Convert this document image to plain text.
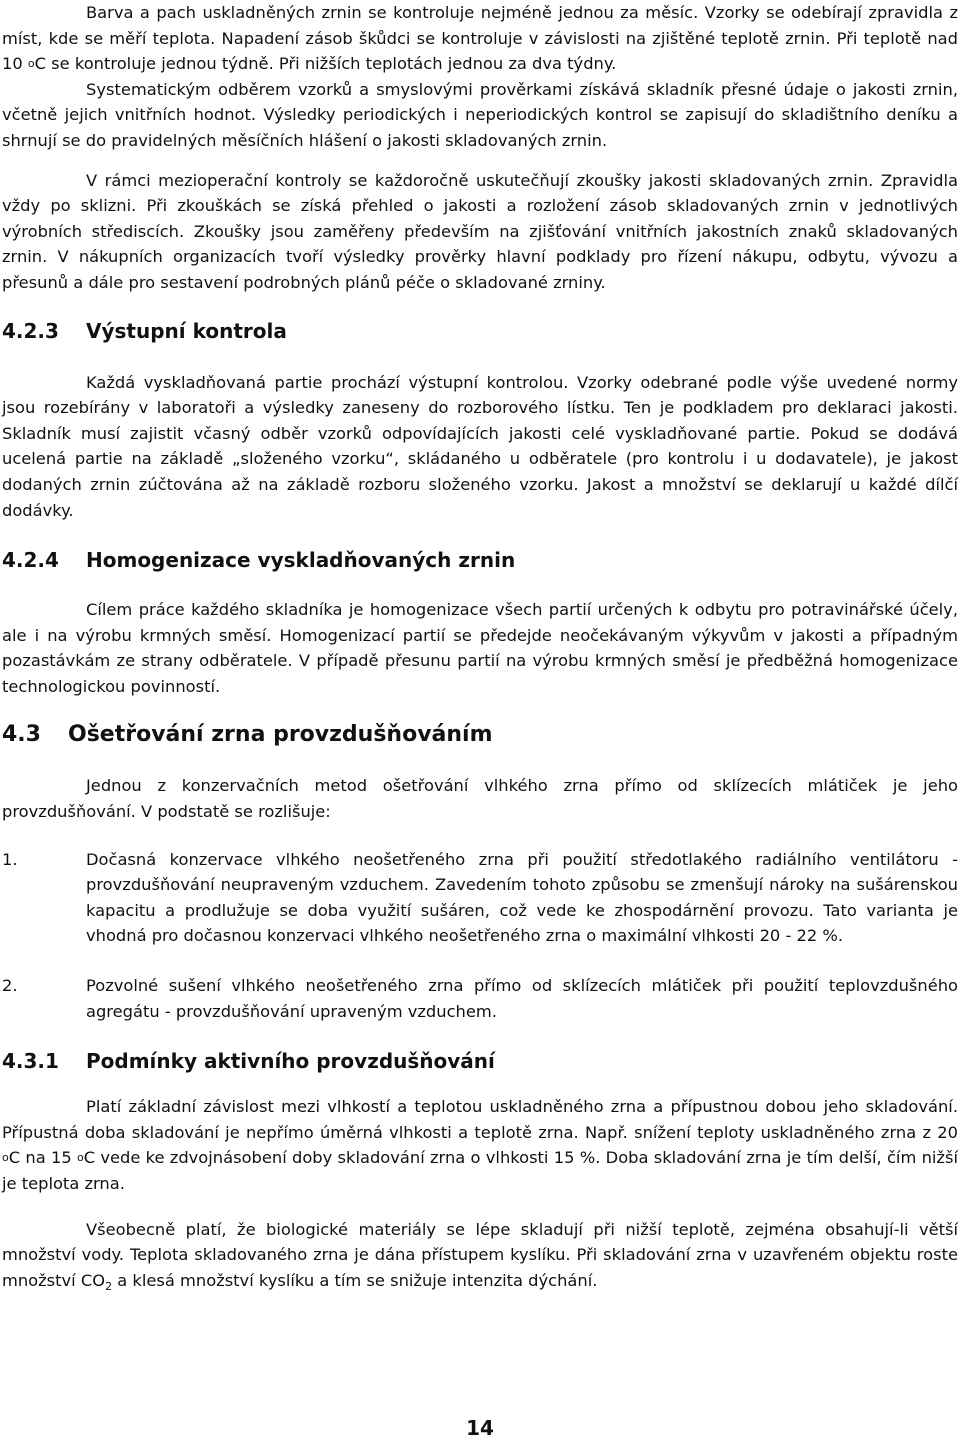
Barva a pach uskladněných zrnin se kontroluje nejméně jednou za měsíc. Vzorky se odebírají zpravidla z míst, kde se měří teplota. Napadení zásob škůdci se kontroluje v závislosti na zjištěné teplotě zrnin. Při teplotě nad 10 $^o$C se kontroluje jednou týdně. Při nižších teplotách jednou za dva týdny.

Systematickým odběrem vzorků a smyslovými prověrkami získává skladník přesné údaje o jakosti zrnin, včetně jejich vnitřních hodnot. Výsledky periodických i neperiodických kontrol se zapisují do skladištního deníku a shrnují se do pravidelných měsíčních hlášení o jakosti skladovaných zrnin.

V rámci mezioperační kontroly se každoročně uskutečňují zkoušky jakosti skladovaných zrnin. Zpravidla vždy po sklizni. Při zkouškách se získá přehled o jakosti a rozložení zásob skladovaných zrnin v jednotlivých výrobních střediscích. Zkoušky jsou zaměřeny především na zjišťování vnitřních jakostních znaků skladovaných zrnin. V nákupních organizacích tvoří výsledky prověrky hlavní podklady pro řízení nákupu, odbytu, vývozu a přesunů a dále pro sestavení podrobných plánů péče o skladované zrniny.

4.2.3 Výstupní kontrola

Každá vyskladňovaná partie prochází výstupní kontrolou. Vzorky odebrané podle výše uvedené normy jsou rozebírány v laboratoři a výsledky zaneseny do rozborového lístku. Ten je podkladem pro deklaraci jakosti. Skladník musí zajistit včasný odběr vzorků odpovídajících jakosti celé vyskladňované partie. Pokud se dodává ucelená partie na základě „složeného vzorku“, skládaného u odběratele (pro kontrolu i u dodavatele), je jakost dodaných zrnin zúčtována až na základě rozboru složeného vzorku. Jakost a množství se deklarují u každé dílčí dodávky.

4.2.4 Homogenizace vyskladňovaných zrnin

Cílem práce každého skladníka je homogenizace všech partií určených k odbytu pro potravinářské účely, ale i na výrobu krmných směsí. Homogenizací partií se předejde neočekávaným výkyvům v jakosti a případným pozastávkám ze strany odběratele. V případě přesunu partií na výrobu krmných směsí je předběžná homogenizace technologickou povinností.

4.3 Ošetřování zrna provzdušňováním

Jednou z konzervačních metod ošetřování vlhkého zrna přímo od sklízecích mlátiček je jeho provzdušňování. V podstatě se rozlišuje:

1.	Dočasná konzervace vlhkého neošetřeného zrna při použití středotlakého radiálního ventilátoru - provzdušňování neupraveným vzduchem. Zavedením tohoto způsobu se zmenšují nároky na sušárenskou kapacitu a prodlužuje se doba využití sušáren, což vede ke zhospodárnění provozu. Tato varianta je vhodná pro dočasnou konzervaci vlhkého neošetřeného zrna o maximální vlhkosti 20 - 22 %.
2.	Pozvolné sušení vlhkého neošetřeného zrna přímo od sklízecích mlátiček při použití teplovzdušného agregátu - provzdušňování upraveným vzduchem.
4.3.1 Podmínky aktivního provzdušňování

Platí základní závislost mezi vlhkostí a teplotou uskladněného zrna a přípustnou dobou jeho skladování. Přípustná doba skladování je nepřímo úměrná vlhkosti a teplotě zrna. Např. snížení teploty uskladněného zrna z 20 $^o$C na 15 $^o$C vede ke zdvojnásobení doby skladování zrna o vlhkosti 15 %. Doba skladování zrna je tím delší, čím nižší je teplota zrna.

Všeobecně platí, že biologické materiály se lépe skladují při nižší teplotě, zejména obsahují-li větší množství vody. Teplota skladovaného zrna je dána přístupem kyslíku. Při skladování zrna v uzavřeném objektu roste množství $CO_2$ a klesá množství kyslíku a tím se snižuje intenzita dýchání.

14
